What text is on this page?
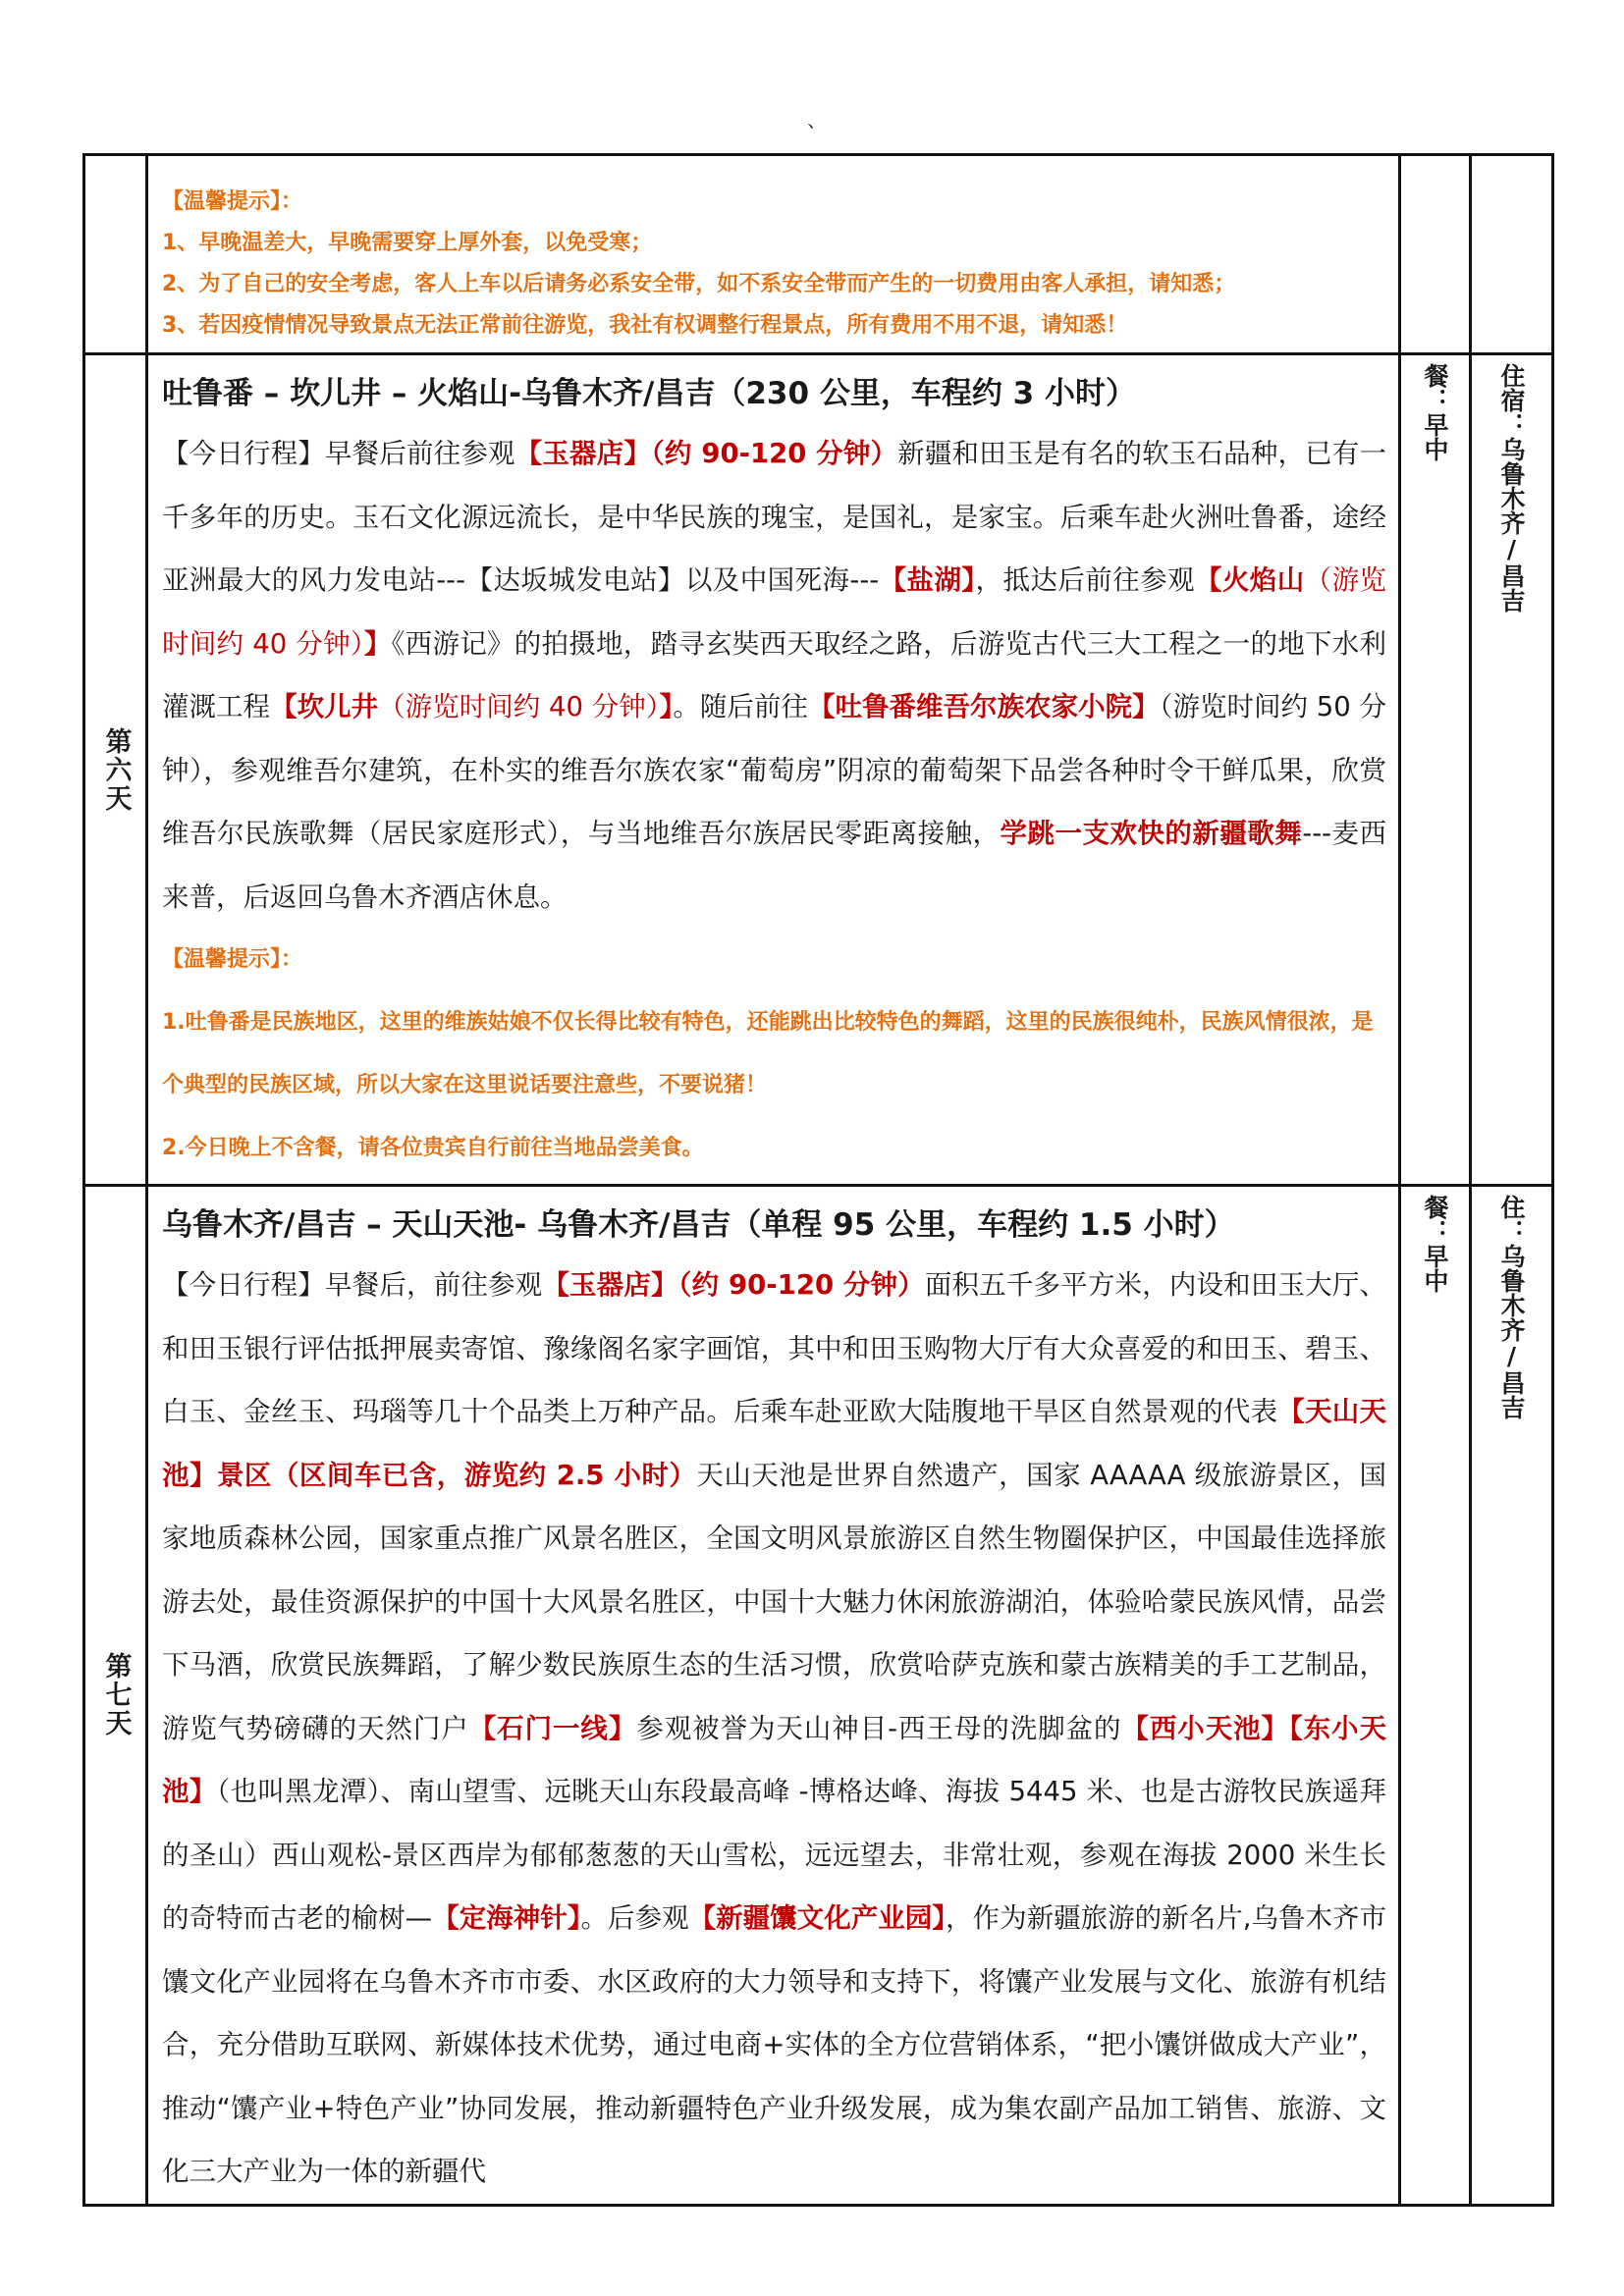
、

	【温馨提示】：
1、早晚温差大，早晚需要穿上厚外套，以免受寒；
2、为了自己的安全考虑，客人上车以后请务必系安全带，如不系安全带而产生的一切费用由客人承担，请知悉；
3、若因疫情情况导致景点无法正常前往游览，我社有权调整行程景点，所有费用不用不退，请知悉！		

第六天	吐鲁番 – 坎儿井 – 火焰山-乌鲁木齐/昌吉（230 公里，车程约 3 小时）

【今日行程】早餐后前往参观【玉器店】（约 90-120 分钟）新疆和田玉是有名的软玉石品种，已有一千多年的历史。玉石文化源远流长，是中华民族的瑰宝，是国礼，是家宝。后乘车赴火洲吐鲁番，途经亚洲最大的风力发电站---【达坂城发电站】以及中国死海---【盐湖】，抵达后前往参观【火焰山（游览时间约 40 分钟）】《西游记》的拍摄地，踏寻玄奘西天取经之路，后游览古代三大工程之一的地下水利灌溉工程【坎儿井（游览时间约 40 分钟）】。随后前往【吐鲁番维吾尔族农家小院】（游览时间约 50 分钟），参观维吾尔建筑，在朴实的维吾尔族农家“葡萄房”阴凉的葡萄架下品尝各种时令干鲜瓜果，欣赏维吾尔民族歌舞（居民家庭形式），与当地维吾尔族居民零距离接触，学跳一支欢快的新疆歌舞---麦西来普，后返回乌鲁木齐酒店休息。

【温馨提示】：
1.吐鲁番是民族地区，这里的维族姑娘不仅长得比较有特色，还能跳出比较特色的舞蹈，这里的民族很纯朴，民族风情很浓，是个典型的民族区域，所以大家在这里说话要注意些，不要说猪！
2.今日晚上不含餐，请各位贵宾自行前往当地品尝美食。	餐：早中	住宿：乌鲁木齐/昌吉

第七天	乌鲁木齐/昌吉 – 天山天池- 乌鲁木齐/昌吉（单程 95 公里，车程约 1.5 小时）

【今日行程】早餐后，前往参观【玉器店】（约 90-120 分钟）面积五千多平方米，内设和田玉大厅、和田玉银行评估抵押展卖寄馆、豫缘阁名家字画馆，其中和田玉购物大厅有大众喜爱的和田玉、碧玉、白玉、金丝玉、玛瑙等几十个品类上万种产品。后乘车赴亚欧大陆腹地干旱区自然景观的代表【天山天池】景区（区间车已含，游览约 2.5 小时）天山天池是世界自然遗产，国家 AAAAA 级旅游景区，国家地质森林公园，国家重点推广风景名胜区，全国文明风景旅游区自然生物圈保护区，中国最佳选择旅游去处，最佳资源保护的中国十大风景名胜区，中国十大魅力休闲旅游湖泊，体验哈蒙民族风情，品尝下马酒，欣赏民族舞蹈，了解少数民族原生态的生活习惯，欣赏哈萨克族和蒙古族精美的手工艺制品，游览气势磅礴的天然门户【石门一线】参观被誉为天山神目-西王母的洗脚盆的【西小天池】【东小天池】（也叫黑龙潭）、南山望雪、远眺天山东段最高峰 -博格达峰、海拔 5445 米、也是古游牧民族遥拜的圣山）西山观松-景区西岸为郁郁葱葱的天山雪松，远远望去，非常壮观，参观在海拔 2000 米生长的奇特而古老的榆树—【定海神针】。后参观【新疆馕文化产业园】，作为新疆旅游的新名片,乌鲁木齐市馕文化产业园将在乌鲁木齐市市委、水区政府的大力领导和支持下，将馕产业发展与文化、旅游有机结合，充分借助互联网、新媒体技术优势，通过电商+实体的全方位营销体系，“把小馕饼做成大产业”，推动“馕产业+特色产业”协同发展，推动新疆特色产业升级发展，成为集农副产品加工销售、旅游、文化三大产业为一体的新疆代	餐：早中	住：乌鲁木齐/昌吉
